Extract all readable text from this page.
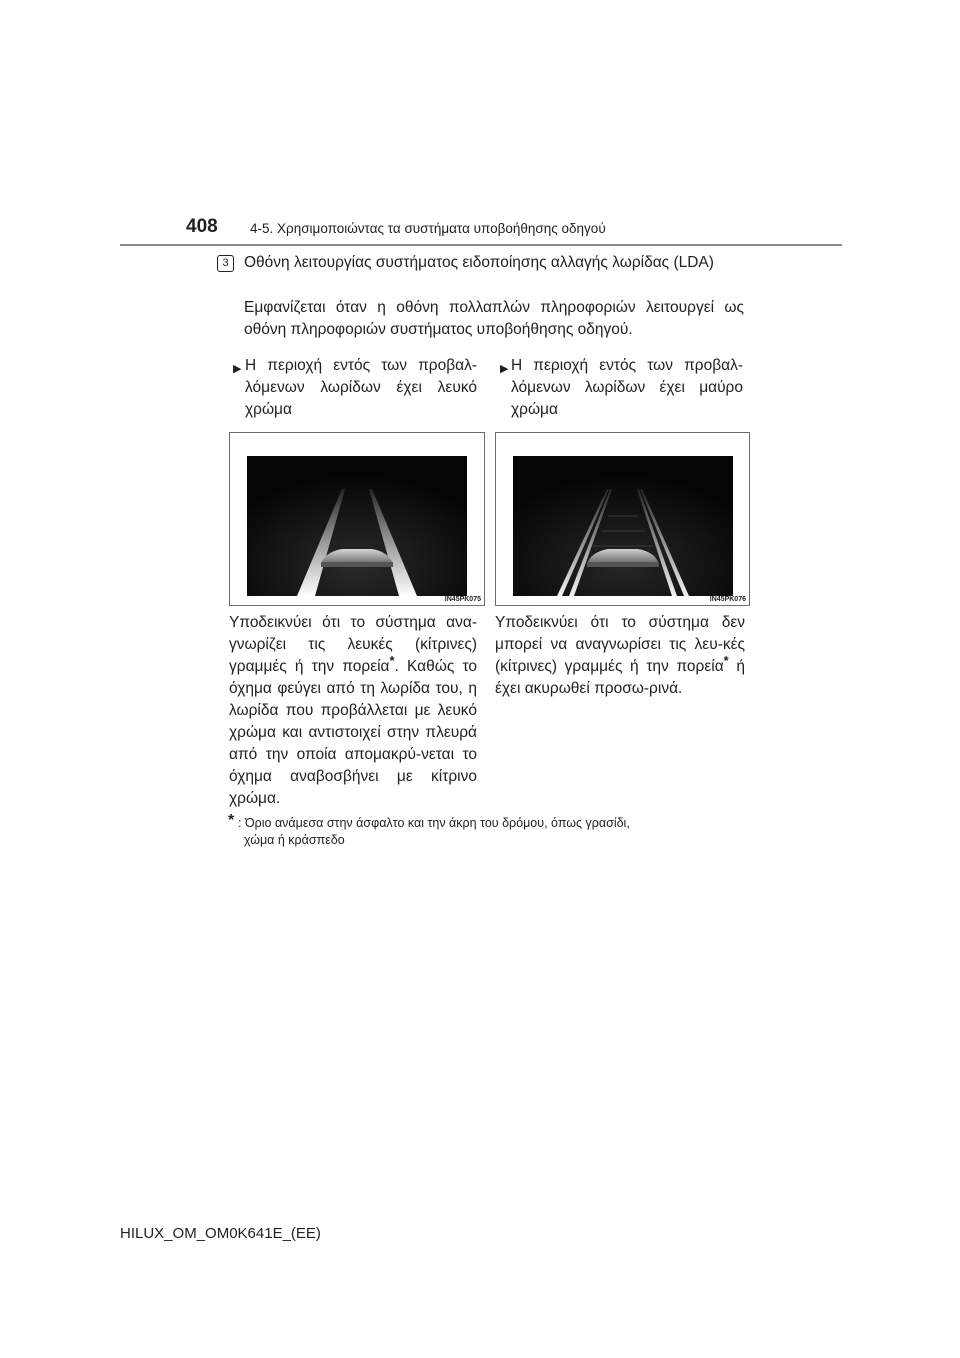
408 4-5. Χρησιμοποιώντας τα συστήματα υποβοήθησης οδηγού
3 Οθόνη λειτουργίας συστήματος ειδοποίησης αλλαγής λωρίδας (LDA)
Εμφανίζεται όταν η οθόνη πολλαπλών πληροφοριών λειτουργεί ως οθόνη πληροφοριών συστήματος υποβοήθησης οδηγού.
▶ Η περιοχή εντός των προβαλ-λόμενων λωρίδων έχει λευκό χρώμα
▶ Η περιοχή εντός των προβαλ-λόμενων λωρίδων έχει μαύρο χρώμα
IN45PK075	IN45PK076
Υποδεικνύει ότι το σύστημα ανα-γνωρίζει τις λευκές (κίτρινες) γραμμές ή την πορεία*. Καθώς το όχημα φεύγει από τη λωρίδα του, η λωρίδα που προβάλλεται με λευκό χρώμα και αντιστοιχεί στην πλευρά από την οποία απομακρύ-νεται το όχημα αναβοσβήνει με κίτρινο χρώμα.
Υποδεικνύει ότι το σύστημα δεν μπορεί να αναγνωρίσει τις λευ-κές (κίτρινες) γραμμές ή την πορεία* ή έχει ακυρωθεί προσω-ρινά.
* : Όριο ανάμεσα στην άσφαλτο και την άκρη του δρόμου, όπως γρασίδι,
χώμα ή κράσπεδο
HILUX_OM_OM0K641E_(EE)
